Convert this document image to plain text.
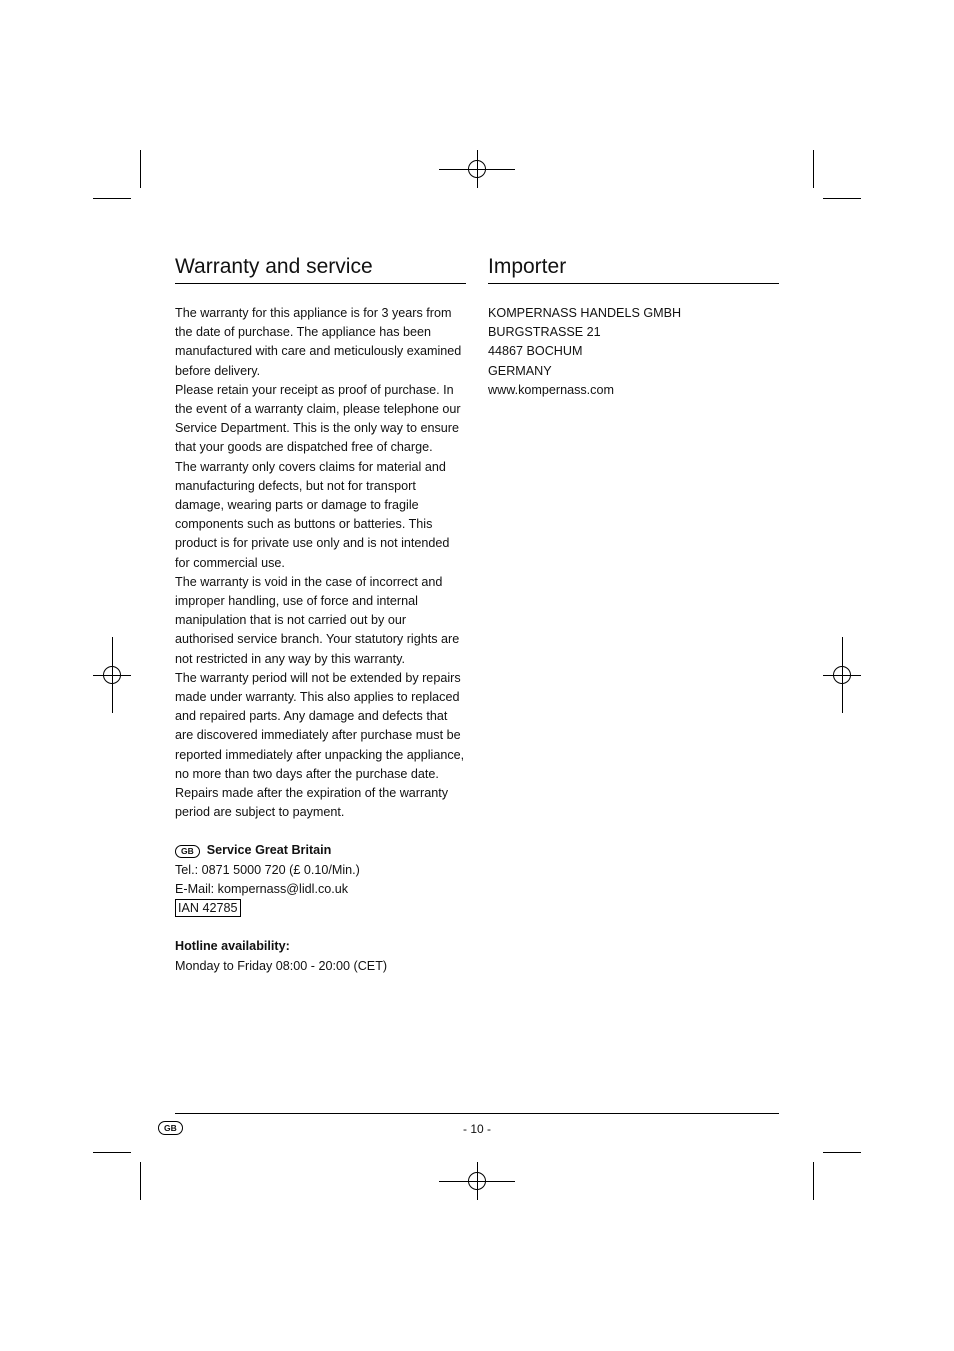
Warranty and service

The warranty for this appliance is for 3 years from the date of purchase. The appliance has been manufactured with care and meticulously examined before delivery.

Please retain your receipt as proof of purchase. In the event of a warranty claim, please telephone our Service Department. This is the only way to ensure that your goods are dispatched free of charge.

The warranty only covers claims for material and manufacturing defects, but not for transport damage, wearing parts or damage to fragile components such as buttons or batteries. This product is for private use only and is not intended for commercial use.

The warranty is void in the case of incorrect and improper handling, use of force and internal manipulation that is not carried out by our authorised service branch. Your statutory rights are not restricted in any way by this warranty.

The warranty period will not be extended by repairs made under warranty. This also applies to replaced and repaired parts. Any damage and defects that are discovered immediately after purchase must be reported immediately after unpacking the appliance, no more than two days after the purchase date. Repairs made after the expiration of the warranty period are subject to payment.

GB	Service Great Britain
Tel.: 0871 5000 720 (£ 0.10/Min.)
E-Mail: kompernass@lidl.co.uk
IAN 42785
Hotline availability:
Monday to Friday 08:00 - 20:00 (CET)
Importer
KOMPERNASS HANDELS GMBH
BURGSTRASSE 21
44867 BOCHUM
GERMANY
www.kompernass.com
GB	- 10 -
